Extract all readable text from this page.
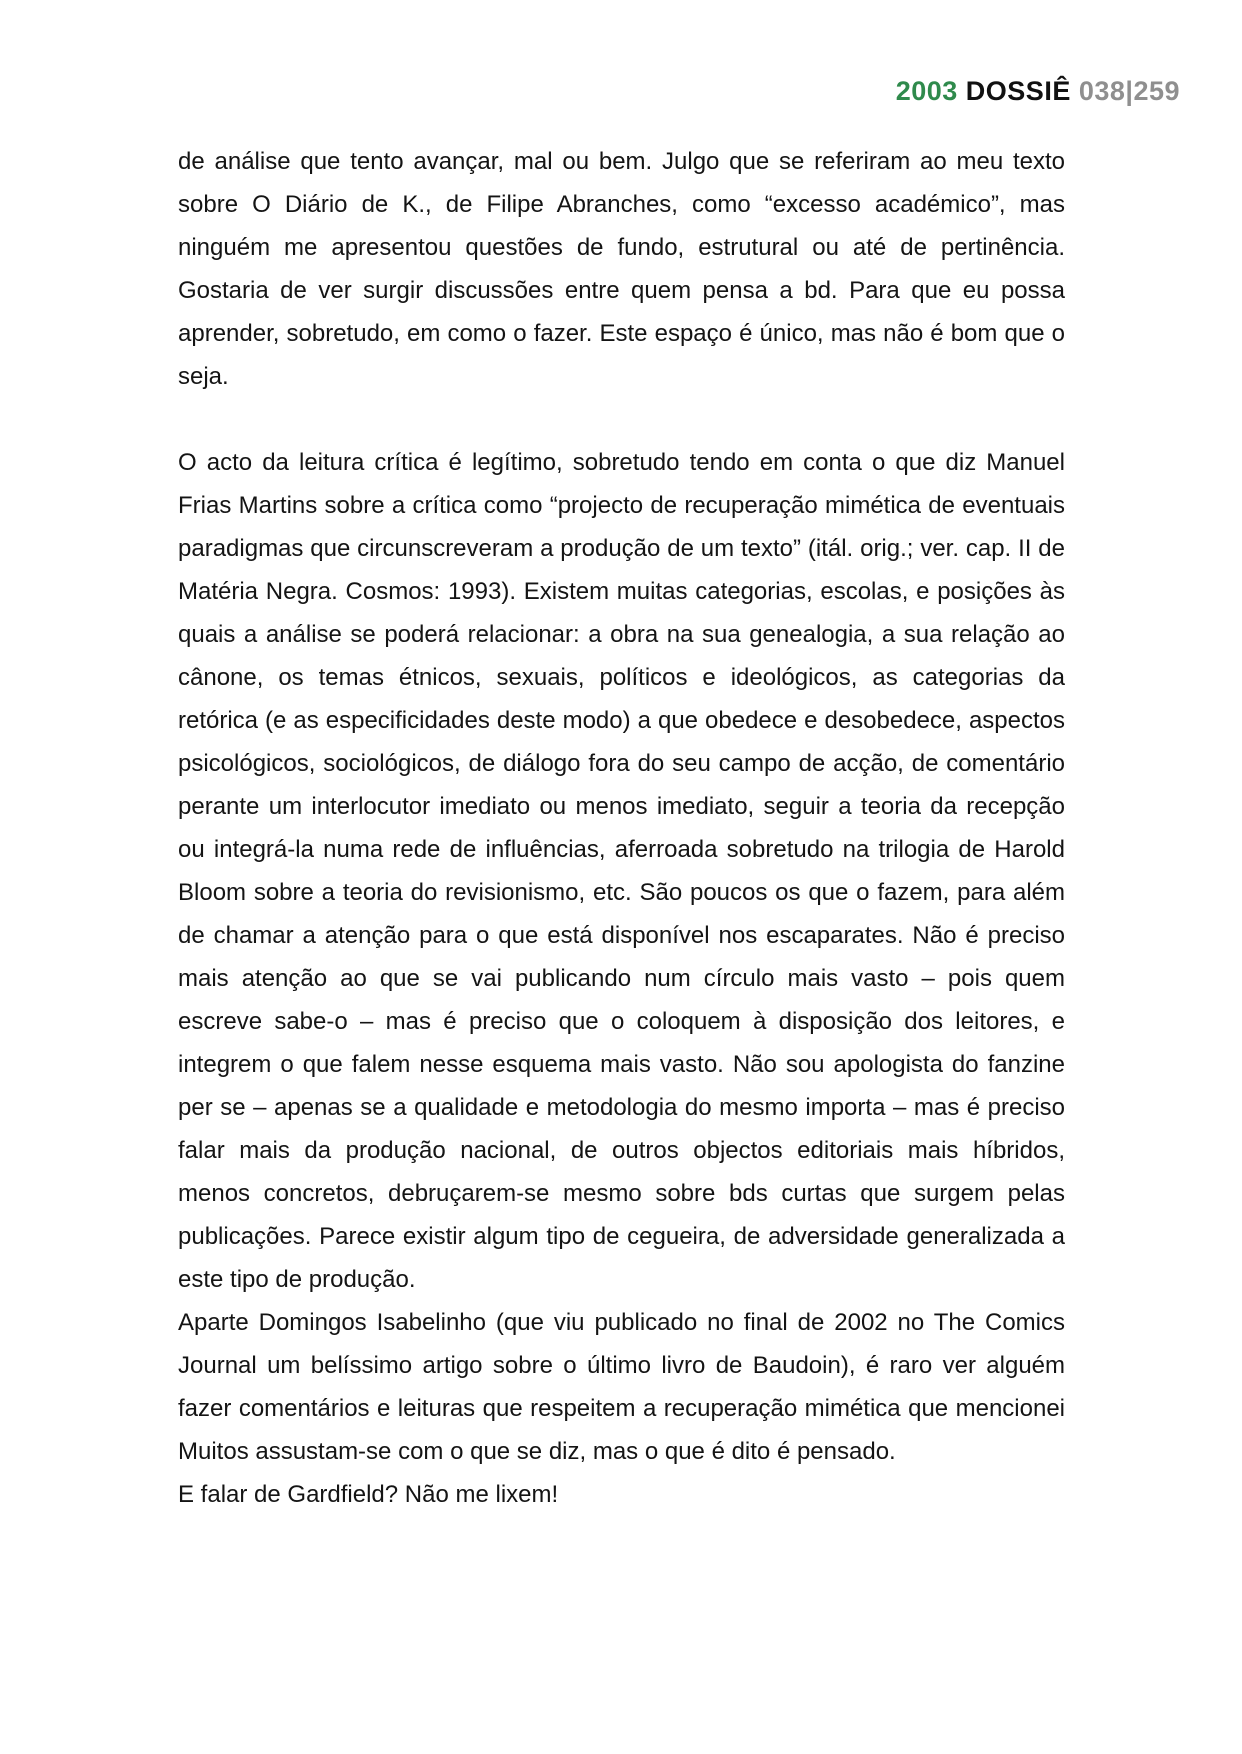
2003 DOSSIÊ 038|259

de análise que tento avançar, mal ou bem. Julgo que se referiram ao meu texto sobre O Diário de K., de Filipe Abranches, como “excesso académico”, mas ninguém me apresentou questões de fundo, estrutural ou até de pertinência. Gostaria de ver surgir discussões entre quem pensa a bd. Para que eu possa aprender, sobretudo, em como o fazer. Este espaço é único, mas não é bom que o seja.

O acto da leitura crítica é legítimo, sobretudo tendo em conta o que diz Manuel Frias Martins sobre a crítica como “projecto de recuperação mimética de eventuais paradigmas que circunscreveram a produção de um texto” (itál. orig.; ver. cap. II de Matéria Negra. Cosmos: 1993). Existem muitas categorias, escolas, e posições às quais a análise se poderá relacionar: a obra na sua genealogia, a sua relação ao cânone, os temas étnicos, sexuais, políticos e ideológicos, as categorias da retórica (e as especificidades deste modo) a que obedece e desobedece, aspectos psicológicos, sociológicos, de diálogo fora do seu campo de acção, de comentário perante um interlocutor imediato ou menos imediato, seguir a teoria da recepção ou integrá-la numa rede de influências, aferroada sobretudo na trilogia de Harold Bloom sobre a teoria do revisionismo, etc. São poucos os que o fazem, para além de chamar a atenção para o que está disponível nos escaparates. Não é preciso mais atenção ao que se vai publicando num círculo mais vasto – pois quem escreve sabe-o – mas é preciso que o coloquem à disposição dos leitores, e integrem o que falem nesse esquema mais vasto. Não sou apologista do fanzine per se – apenas se a qualidade e metodologia do mesmo importa – mas é preciso falar mais da produção nacional, de outros objectos editoriais mais híbridos, menos concretos, debruçarem-se mesmo sobre bds curtas que surgem pelas publicações. Parece existir algum tipo de cegueira, de adversidade generalizada a este tipo de produção.

Aparte Domingos Isabelinho (que viu publicado no final de 2002 no The Comics Journal um belíssimo artigo sobre o último livro de Baudoin), é raro ver alguém fazer comentários e leituras que respeitem a recuperação mimética que mencionei Muitos assustam-se com o que se diz, mas o que é dito é pensado.

E falar de Gardfield? Não me lixem!
